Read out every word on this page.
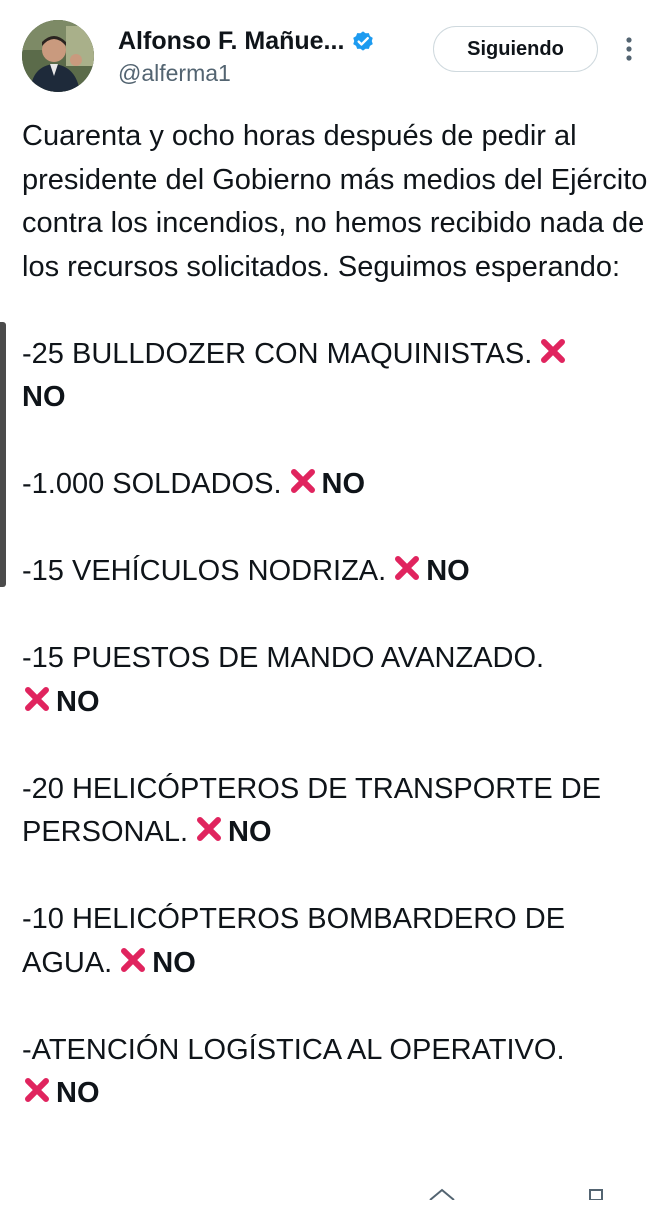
Alfonso F. Mañue...
@alferma1
Siguiendo

Cuarenta y ocho horas después de pedir al presidente del Gobierno más medios del Ejército contra los incendios, no hemos recibido nada de los recursos solicitados. Seguimos esperando:

-25 BULLDOZER CON MAQUINISTAS.
NO

-1.000 SOLDADOS. NO

-15 VEHÍCULOS NODRIZA. NO

-15 PUESTOS DE MANDO AVANZADO.
NO

-20 HELICÓPTEROS DE TRANSPORTE DE PERSONAL. NO

-10 HELICÓPTEROS BOMBARDERO DE AGUA. NO

-ATENCIÓN LOGÍSTICA AL OPERATIVO.
NO
